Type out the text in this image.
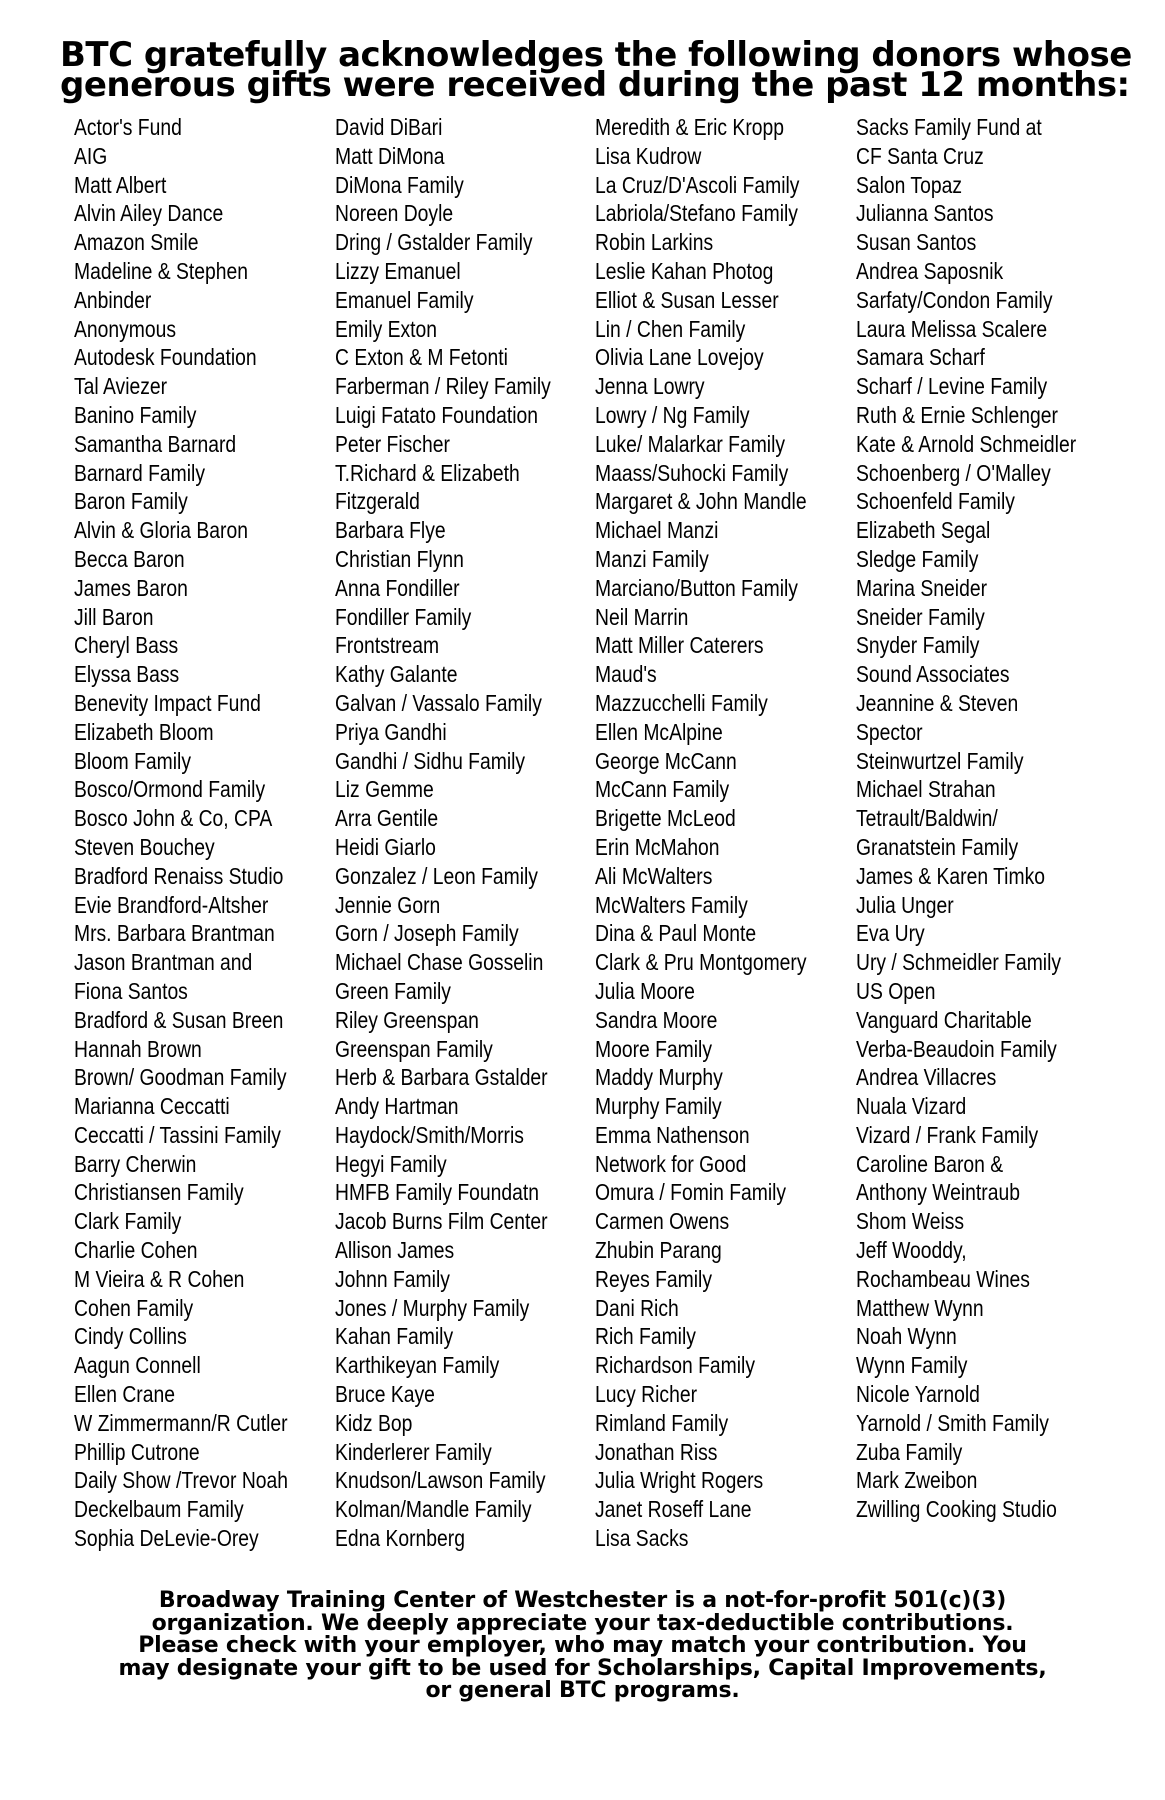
BTC gratefully acknowledges the following donors whose
generous gifts were received during the past 12 months:
Actor's Fund
AIG
Matt Albert
Alvin Ailey Dance
Amazon Smile
Madeline & Stephen
Anbinder
Anonymous
Autodesk Foundation
Tal Aviezer
Banino Family
Samantha Barnard
Barnard Family
Baron Family
Alvin & Gloria Baron
Becca Baron
James Baron
Jill Baron
Cheryl Bass
Elyssa Bass
Benevity Impact Fund
Elizabeth Bloom
Bloom Family
Bosco/Ormond Family
Bosco John & Co, CPA
Steven Bouchey
Bradford Renaiss Studio
Evie Brandford-Altsher
Mrs. Barbara Brantman
Jason Brantman and
Fiona Santos
Bradford & Susan Breen
Hannah Brown
Brown/ Goodman Family
Marianna Ceccatti
Ceccatti / Tassini Family
Barry Cherwin
Christiansen Family
Clark Family
Charlie Cohen
M Vieira & R Cohen
Cohen Family
Cindy Collins
Aagun Connell
Ellen Crane
W Zimmermann/R Cutler
Phillip Cutrone
Daily Show /Trevor Noah
Deckelbaum Family
Sophia DeLevie-Orey
David DiBari
Matt DiMona
DiMona Family
Noreen Doyle
Dring / Gstalder Family
Lizzy Emanuel
Emanuel Family
Emily Exton
C Exton & M Fetonti
Farberman / Riley Family
Luigi Fatato Foundation
Peter Fischer
T.Richard & Elizabeth
Fitzgerald
Barbara Flye
Christian Flynn
Anna Fondiller
Fondiller Family
Frontstream
Kathy Galante
Galvan / Vassalo Family
Priya Gandhi
Gandhi / Sidhu Family
Liz Gemme
Arra Gentile
Heidi Giarlo
Gonzalez / Leon Family
Jennie Gorn
Gorn / Joseph Family
Michael Chase Gosselin
Green Family
Riley Greenspan
Greenspan Family
Herb & Barbara Gstalder
Andy Hartman
Haydock/Smith/Morris
Hegyi Family
HMFB Family Foundatn
Jacob Burns Film Center
Allison James
Johnn Family
Jones / Murphy Family
Kahan Family
Karthikeyan Family
Bruce Kaye
Kidz Bop
Kinderlerer Family
Knudson/Lawson Family
Kolman/Mandle Family
Edna Kornberg
Meredith & Eric Kropp
Lisa Kudrow
La Cruz/D'Ascoli Family
Labriola/Stefano Family
Robin Larkins
Leslie Kahan Photog
Elliot & Susan Lesser
Lin / Chen Family
Olivia Lane Lovejoy
Jenna Lowry
Lowry / Ng Family
Luke/ Malarkar Family
Maass/Suhocki Family
Margaret & John Mandle
Michael Manzi
Manzi Family
Marciano/Button Family
Neil Marrin
Matt Miller Caterers
Maud's
Mazzucchelli Family
Ellen McAlpine
George McCann
McCann Family
Brigette McLeod
Erin McMahon
Ali McWalters
McWalters Family
Dina & Paul Monte
Clark & Pru Montgomery
Julia Moore
Sandra Moore
Moore Family
Maddy Murphy
Murphy Family
Emma Nathenson
Network for Good
Omura / Fomin Family
Carmen Owens
Zhubin Parang
Reyes Family
Dani Rich
Rich Family
Richardson Family
Lucy Richer
Rimland Family
Jonathan Riss
Julia Wright Rogers
Janet Roseff Lane
Lisa Sacks
Sacks Family Fund at
CF Santa Cruz
Salon Topaz
Julianna Santos
Susan Santos
Andrea Saposnik
Sarfaty/Condon Family
Laura Melissa Scalere
Samara Scharf
Scharf / Levine Family
Ruth & Ernie Schlenger
Kate & Arnold Schmeidler
Schoenberg / O'Malley
Schoenfeld Family
Elizabeth Segal
Sledge Family
Marina Sneider
Sneider Family
Snyder Family
Sound Associates
Jeannine & Steven
Spector
Steinwurtzel Family
Michael Strahan
Tetrault/Baldwin/
Granatstein Family
James & Karen Timko
Julia Unger
Eva Ury
Ury / Schmeidler Family
US Open
Vanguard Charitable
Verba-Beaudoin Family
Andrea Villacres
Nuala Vizard
Vizard / Frank Family
Caroline Baron &
Anthony Weintraub
Shom Weiss
Jeff Wooddy,
Rochambeau Wines
Matthew Wynn
Noah Wynn
Wynn Family
Nicole Yarnold
Yarnold / Smith Family
Zuba Family
Mark Zweibon
Zwilling Cooking Studio
Broadway Training Center of Westchester is a not-for-profit 501(c)(3)
organization. We deeply appreciate your tax-deductible contributions.
Please check with your employer, who may match your contribution. You
may designate your gift to be used for Scholarships, Capital Improvements,
or general BTC programs.
